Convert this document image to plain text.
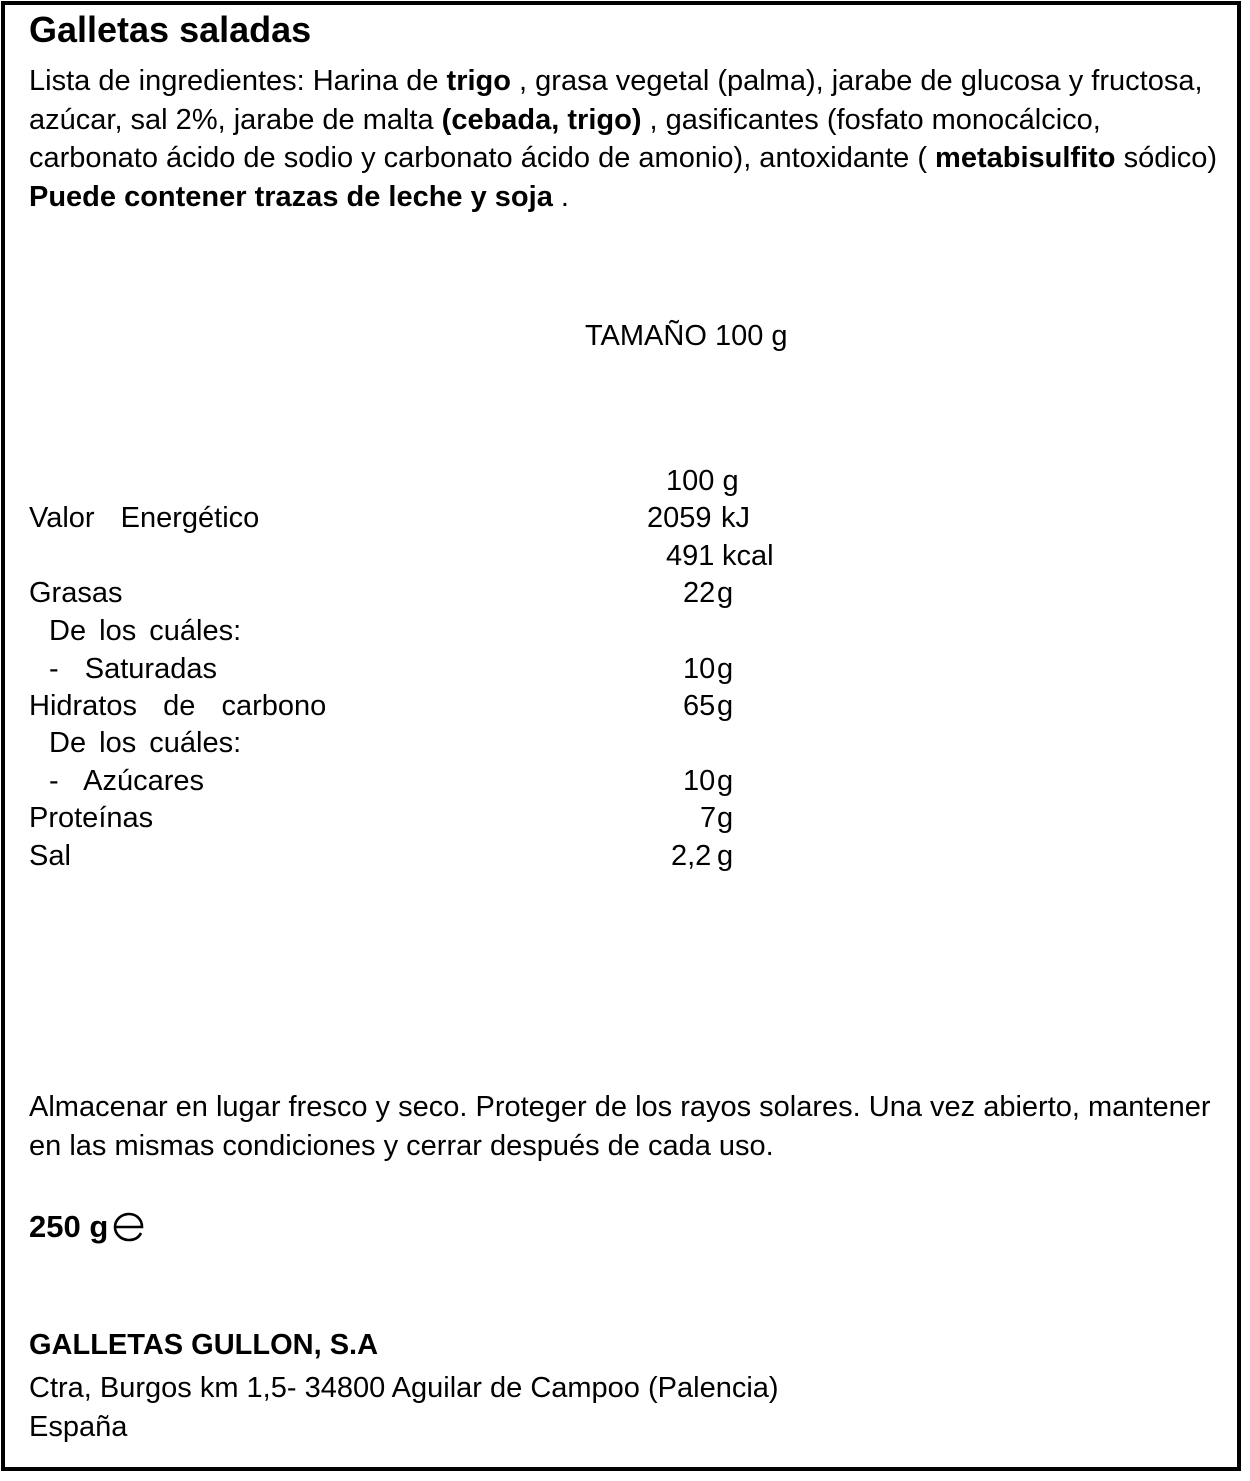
Galletas saladas
Lista de ingredientes: Harina de trigo , grasa vegetal (palma), jarabe de glucosa y fructosa, azúcar, sal 2%, jarabe de malta (cebada, trigo) , gasificantes (fosfato monocálcico, carbonato ácido de sodio y carbonato ácido de amonio), antoxidante ( metabisulfito sódico) Puede contener trazas de leche y soja .
TAMAÑO 100 g
100 g
Valor  Energético	2059 kJ
491 kcal
Grasas	22 g
De los cuáles:
-  Saturadas	10 g
Hidratos  de  carbono	65 g
De los cuáles:
-  Azúcares	10 g
Proteínas	7 g
Sal	2,2 g
Almacenar en lugar fresco y seco. Proteger de los rayos solares. Una vez abierto, mantener en las mismas condiciones y cerrar después de cada uso.
250 g
GALLETAS GULLON, S.A
Ctra, Burgos km 1,5- 34800 Aguilar de Campoo (Palencia)
España
